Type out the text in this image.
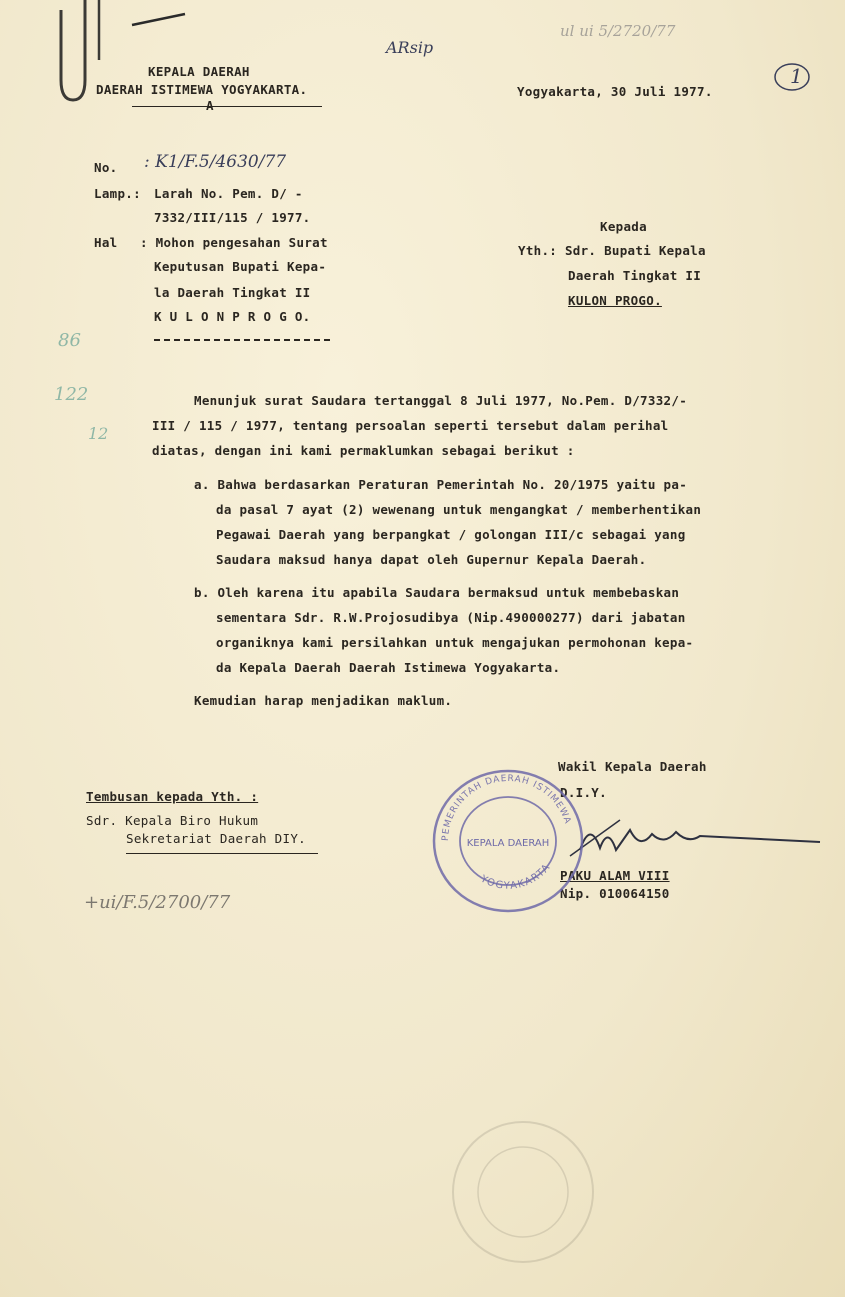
KEPALA DAERAH
DAERAH ISTIMEWA YOGYAKARTA.
A
Yogyakarta, 30 Juli 1977.
1
ARsip
ul ui 5/2720/77
No. : K1/F.5/4630/77
Lamp.: Larah No. Pem. D/ -
7332/III/115 / 1977.
Hal : Mohon pengesahan Surat
Keputusan Bupati Kepa-
la Daerah Tingkat II
K U L O N P R O G O.
Kepada
Yth.: Sdr. Bupati Kepala
Daerah Tingkat II
KULON PROGO.
86
122
12
Menunjuk surat Saudara tertanggal 8 Juli 1977, No.Pem. D/7332/-
III / 115 / 1977, tentang persoalan seperti tersebut dalam perihal
diatas, dengan ini kami permaklumkan sebagai berikut :
a. Bahwa berdasarkan Peraturan Pemerintah No. 20/1975 yaitu pa-
da pasal 7 ayat (2) wewenang untuk mengangkat / memberhentikan
Pegawai Daerah yang berpangkat / golongan III/c sebagai yang
Saudara maksud hanya dapat oleh Gupernur Kepala Daerah.
b. Oleh karena itu apabila Saudara bermaksud untuk membebaskan
sementara Sdr. R.W.Projosudibya (Nip.490000277) dari jabatan
organiknya kami persilahkan untuk mengajukan permohonan kepa-
da Kepala Daerah Daerah Istimewa Yogyakarta.
Kemudian harap menjadikan maklum.
Wakil Kepala Daerah
D.I.Y.
PAKU ALAM VIII
Nip. 010064150
PEMERINTAH DAERAH ISTIMEWA
KEPALA DAERAH
YOGYAKARTA
Tembusan kepada Yth. :
Sdr. Kepala Biro Hukum
Sekretariat Daerah DIY.
+ui/F.5/2700/77
